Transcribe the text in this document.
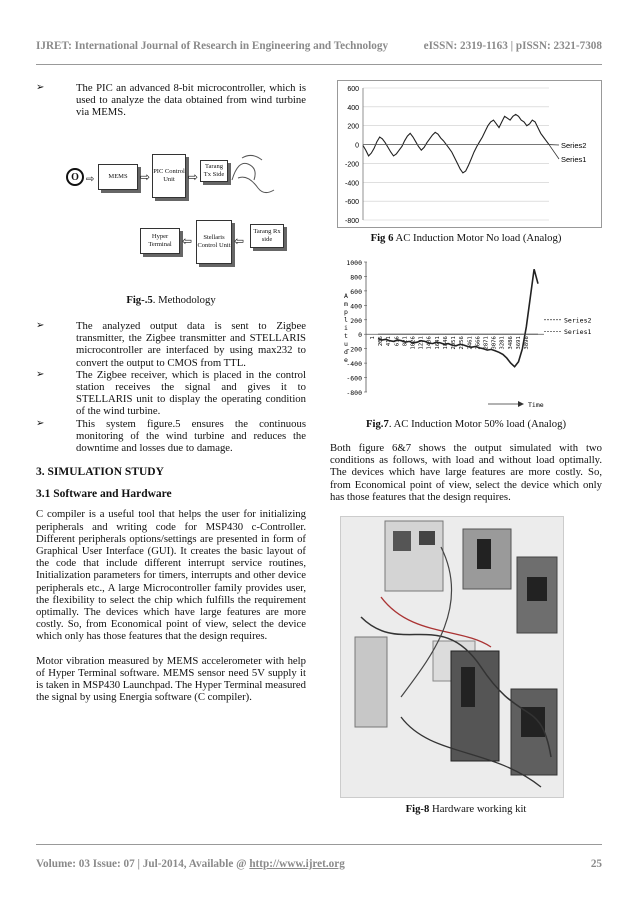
IJRET: International Journal of Research in Engineering and Technology	eISSN: 2319-1163 | pISSN: 2321-7308
➢	The PIC an advanced 8-bit microcontroller, which is used to analyze the data obtained from wind turbine via MEMS.
O ⇨	MEMS	⇨ PIC Control Unit	⇨
Tarang Tx Side
Hyper Terminal ⇦	Stellaris Control Unit ⇦
Tarang Rx side
Fig-.5. Methodology
➢	The analyzed output data is sent to Zigbee transmitter, the Zigbee transmitter and STELLARIS microcontroller are interfaced by using max232 to convert the output to CMOS from TTL.
➢	The Zigbee receiver, which is placed in the control station receives the signal and gives it to STELLARIS unit to display the operating condition of the wind turbine.
➢	This system figure.5 ensures the continuous monitoring of the wind turbine and reduces the downtime and losses due to damage.
3. SIMULATION STUDY
3.1 Software and Hardware

C compiler is a useful tool that helps the user for initializing peripherals and writing code for MSP430 c-Controller. Different peripherals options/settings are presented in form of Graphical User Interface (GUI). It creates the basic layout of the code that include different interrupt service routines, Initialization parameters for timers, interrupts and other device peripherals etc., A large Microcontroller family provides user, the flexibility to select the chip which fulfills the requirement optimally. The devices which have large features are more costly. So, from Economical point of view, select the device which only has those features that the design requires.

Motor vibration measured by MEMS accelerometer with help of Hyper Terminal software. MEMS sensor need 5V supply it is taken in MSP430 Launchpad. The Hyper Terminal measured the signal by using Energia software (C compiler).

600
400
200
0
-200
-400
-600
-800
Series2
Series1
Fig 6 AC Induction Motor No load (Analog)
1000
800
600
400
200
0
-200
-400
-600
-800
A
m
p
l
i
t
u
d
e
1 206 411 616 821 1026 1231 1436 1641 1846 2051 2256 2461 2666 2871 3076 3281 3486 3691 3896
Series2
Series1
Time
Fig.7. AC Induction Motor 50% load (Analog)

Both figure 6&7 shows the output simulated with two conditions as follows, with load and without load optimally. The devices which have large features are more costly. So, from Economical point of view, select the device which only has those features that the design requires.

Fig-8 Hardware working kit
Volume: 03 Issue: 07 | Jul-2014, Available @ http://www.ijret.org	25
